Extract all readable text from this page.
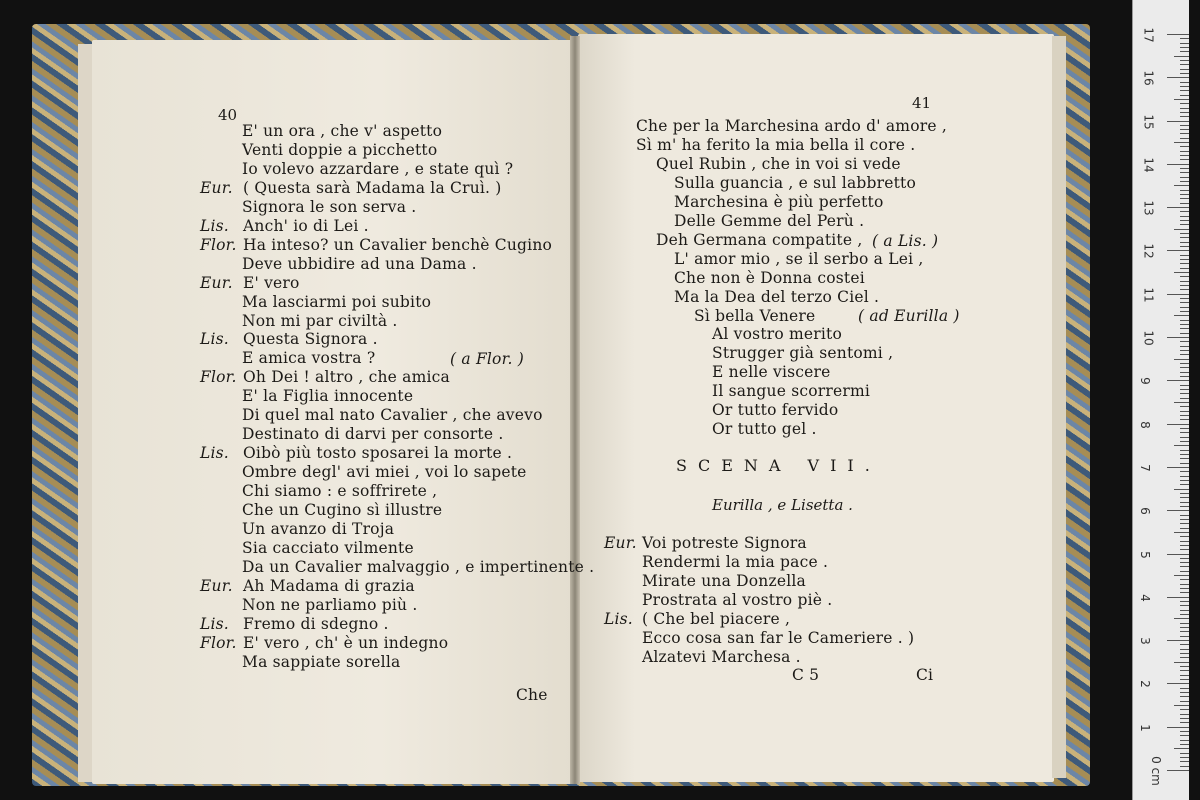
40
E' un ora , che v' aspetto
Venti doppie a picchetto
Io volevo azzardare , e state quì ?
Eur. ( Questa sarà Madama la Cruì. )
Signora le son serva .
Lis. Anch' io di Lei .
Flor. Ha inteso? un Cavalier benchè Cugino
Deve ubbidire ad una Dama .
Eur. E' vero
Ma lasciarmi poi subito
Non mi par civiltà .
Lis. Questa Signora .
E amica vostra ?
Flor. Oh Dei ! altro , che amica
E' la Figlia innocente
Di quel mal nato Cavalier , che avevo
Destinato di darvi per consorte .
Lis. Oibò più tosto sposarei la morte .
Ombre degl' avi miei , voi lo sapete
Chi siamo : e soffrirete ,
Che un Cugino sì illustre
Un avanzo di Troja
Sia cacciato vilmente
Da un Cavalier malvaggio , e impertinente .
Eur. Ah Madama di grazia
Non ne parliamo più .
Lis. Fremo di sdegno .
Flor. E' vero , ch' è un indegno
Ma sappiate sorella
( a Flor. )
Che
41
Che per la Marchesina ardo d' amore ,
Sì m' ha ferito la mia bella il core .
Quel Rubin , che in voi si vede
Sulla guancia , e sul labbretto
Marchesina è più perfetto
Delle Gemme del Perù .
Deh Germana compatite ,
L' amor mio , se il serbo a Lei ,
Che non è Donna costei
Ma la Dea del terzo Ciel .
Sì bella Venere
Al vostro merito
Strugger già sentomi ,
E nelle viscere
Il sangue scorrermi
Or tutto fervido
Or tutto gel .
( a Lis. )
( ad Eurilla )
SCENA VII.
Eurilla , e Lisetta .
Eur. Voi potreste Signora
Rendermi la mia pace .
Mirate una Donzella
Prostrata al vostro piè .
Lis. ( Che bel piacere ,
Ecco cosa san far le Cameriere . )
Alzatevi Marchesa .
C 5	Ci
0 cm
1
2
3
4
5
6
7
8
9
10
11
12
13
14
15
16
17
